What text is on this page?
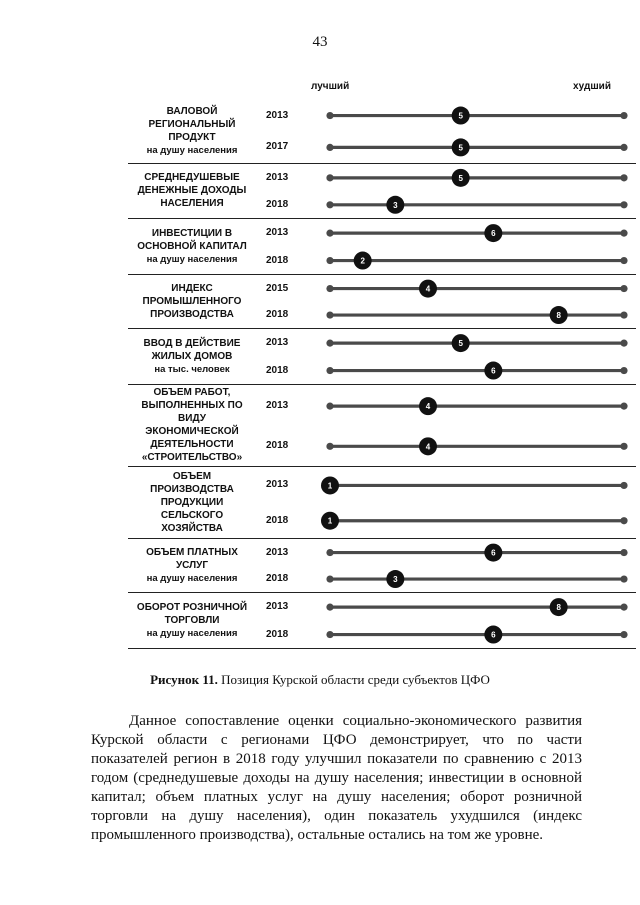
43
лучший	худший
ВАЛОВОЙ
РЕГИОНАЛЬНЫЙ
ПРОДУКТ
на душу населения
2013
2017
СРЕДНЕДУШЕВЫЕ
ДЕНЕЖНЫЕ ДОХОДЫ
НАСЕЛЕНИЯ
2013
2018
ИНВЕСТИЦИИ В
ОСНОВНОЙ КАПИТАЛ
на душу населения
2013
2018
ИНДЕКС
ПРОМЫШЛЕННОГО
ПРОИЗВОДСТВА
2015
2018
ВВОД В ДЕЙСТВИЕ
ЖИЛЫХ ДОМОВ
на тыс. человек
2013
2018
ОБЪЕМ РАБОТ,
ВЫПОЛНЕННЫХ ПО
ВИДУ
ЭКОНОМИЧЕСКОЙ
ДЕЯТЕЛЬНОСТИ
«СТРОИТЕЛЬСТВО»
2013
2018
ОБЪЕМ
ПРОИЗВОДСТВА
ПРОДУКЦИИ
СЕЛЬСКОГО
ХОЗЯЙСТВА
2013
2018
ОБЪЕМ ПЛАТНЫХ
УСЛУГ
на душу населения
2013
2018
ОБОРОТ РОЗНИЧНОЙ
ТОРГОВЛИ
на душу населения
2013
2018
5
5
5
3
6
2
4
8
5
6
4
4
1
1
6
3
8
6
Рисунок 11. Позиция Курской области среди субъектов ЦФО

Данное сопоставление оценки социально-экономического развития Курской области с регионами ЦФО демонстрирует, что по части показателей регион в 2018 году улучшил показатели по сравнению с 2013 годом (среднедушевые доходы на душу населения; инвестиции в основной капитал; объем платных услуг на душу населения; оборот розничной торговли на душу населения), один показатель ухудшился (индекс промышленного производства), остальные остались на том же уровне.
